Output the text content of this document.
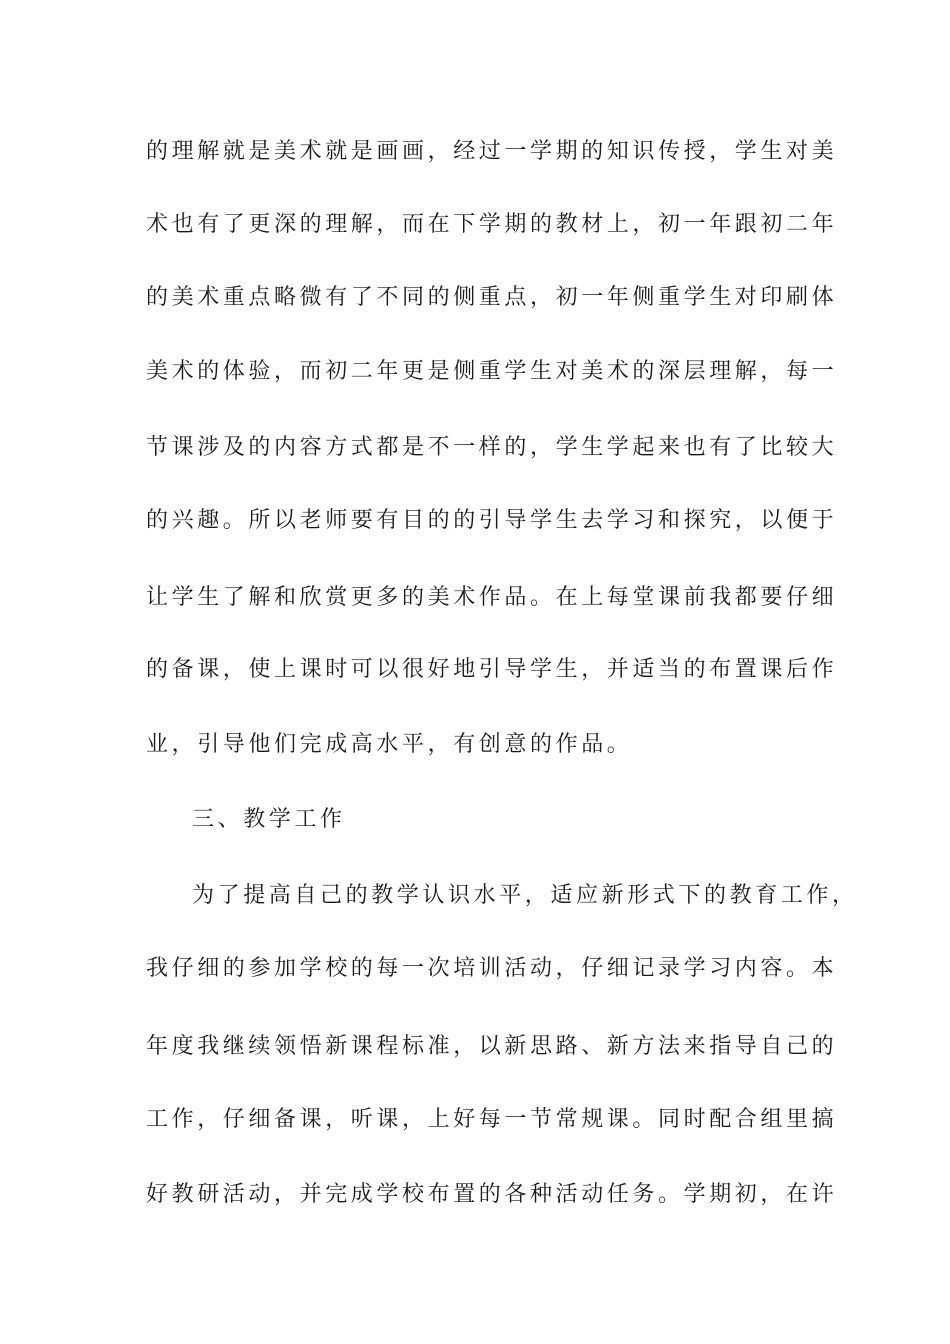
的理解就是美术就是画画，经过一学期的知识传授，学生对美
术也有了更深的理解，而在下学期的教材上，初一年跟初二年
的美术重点略微有了不同的侧重点，初一年侧重学生对印刷体
美术的体验，而初二年更是侧重学生对美术的深层理解，每一
节课涉及的内容方式都是不一样的，学生学起来也有了比较大
的兴趣。所以老师要有目的的引导学生去学习和探究，以便于
让学生了解和欣赏更多的美术作品。在上每堂课前我都要仔细
的备课，使上课时可以很好地引导学生，并适当的布置课后作
业，引导他们完成高水平，有创意的作品。
三、教学工作
为了提高自己的教学认识水平，适应新形式下的教育工作，
我仔细的参加学校的每一次培训活动，仔细记录学习内容。本
年度我继续领悟新课程标准，以新思路、新方法来指导自己的
工作，仔细备课，听课，上好每一节常规课。同时配合组里搞
好教研活动，并完成学校布置的各种活动任务。学期初，在许
